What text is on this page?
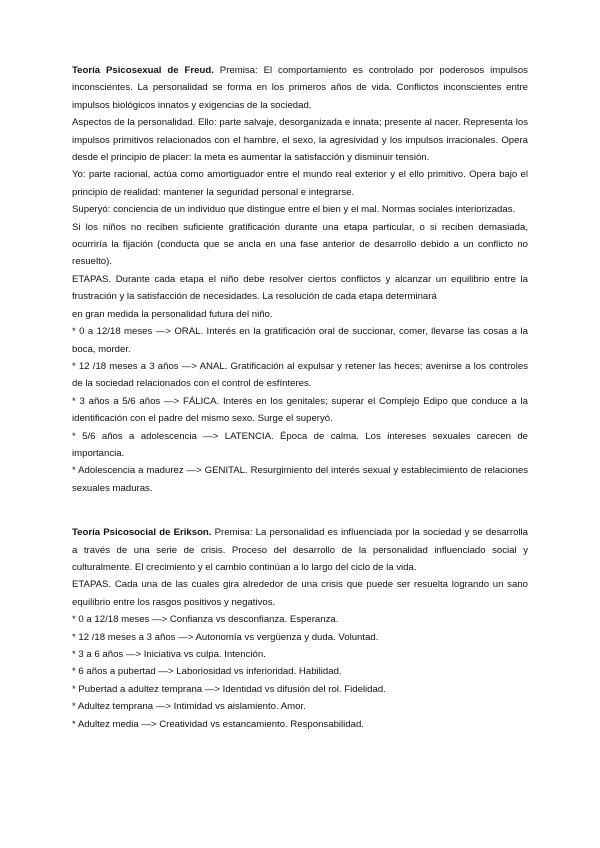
Teoría Psicosexual de Freud. Premisa: El comportamiento es controlado por poderosos impulsos inconscientes. La personalidad se forma en los primeros años de vida. Conflictos inconscientes entre impulsos biológicos innatos y exigencias de la sociedad.

Aspectos de la personalidad. Ello: parte salvaje, desorganizada e innata; presente al nacer. Representa los impulsos primitivos relacionados con el hambre, el sexo, la agresividad y los impulsos irracionales. Opera desde el principio de placer: la meta es aumentar la satisfacción y disminuir tensión.

Yo: parte racional, actúa como amortiguador entre el mundo real exterior y el ello primitivo. Opera bajo el principio de realidad: mantener la seguridad personal e integrarse.

Superyó: conciencia de un individuo que distingue entre el bien y el mal. Normas sociales interiorizadas.

Si los niños no reciben suficiente gratificación durante una etapa particular, o si reciben demasiada, ocurriría la fijación (conducta que se ancla en una fase anterior de desarrollo debido a un conflicto no resuelto).

ETAPAS. Durante cada etapa el niño debe resolver ciertos conflictos y alcanzar un equilibrio entre la frustración y la satisfacción de necesidades. La resolución de cada etapa determinará

en gran medida la personalidad futura del niño.

* 0 a 12/18 meses —> ORAL. Interés en la gratificación oral de succionar, comer, llevarse las cosas a la boca, morder.

* 12 /18 meses a 3 años —> ANAL. Gratificación al expulsar y retener las heces; avenirse a los controles de la sociedad relacionados con el control de esfínteres.

* 3 años a 5/6 años —> FÁLICA. Interés en los genitales; superar el Complejo Edipo que conduce a la identificación con el padre del mismo sexo. Surge el superyó.

* 5/6 años a adolescencia —> LATENCIA. Época de calma. Los intereses sexuales carecen de importancia.

* Adolescencia a madurez —> GENITAL. Resurgimiento del interés sexual y establecimiento de relaciones sexuales maduras.

Teoría Psicosocial de Erikson. Premisa: La personalidad es influenciada por la sociedad y se desarrolla a través de una serie de crisis. Proceso del desarrollo de la personalidad influenciado social y culturalmente. El crecimiento y el cambio continúan a lo largo del ciclo de la vida.

ETAPAS. Cada una de las cuales gira alrededor de una crisis que puede ser resuelta logrando un sano equilibrio entre los rasgos positivos y negativos.

* 0 a 12/18 meses —> Confianza vs desconfianza. Esperanza.

* 12 /18 meses a 3 años —> Autonomía vs vergüenza y duda. Voluntad.

* 3 a 6 años —> Iniciativa vs culpa. Intención.

* 6 años a pubertad —> Laboriosidad vs inferioridad. Habilidad.

* Pubertad a adultez temprana —> Identidad vs difusión del rol. Fidelidad.

* Adultez temprana —> Intimidad vs aislamiento. Amor.

* Adultez media —> Creatividad vs estancamiento. Responsabilidad.
